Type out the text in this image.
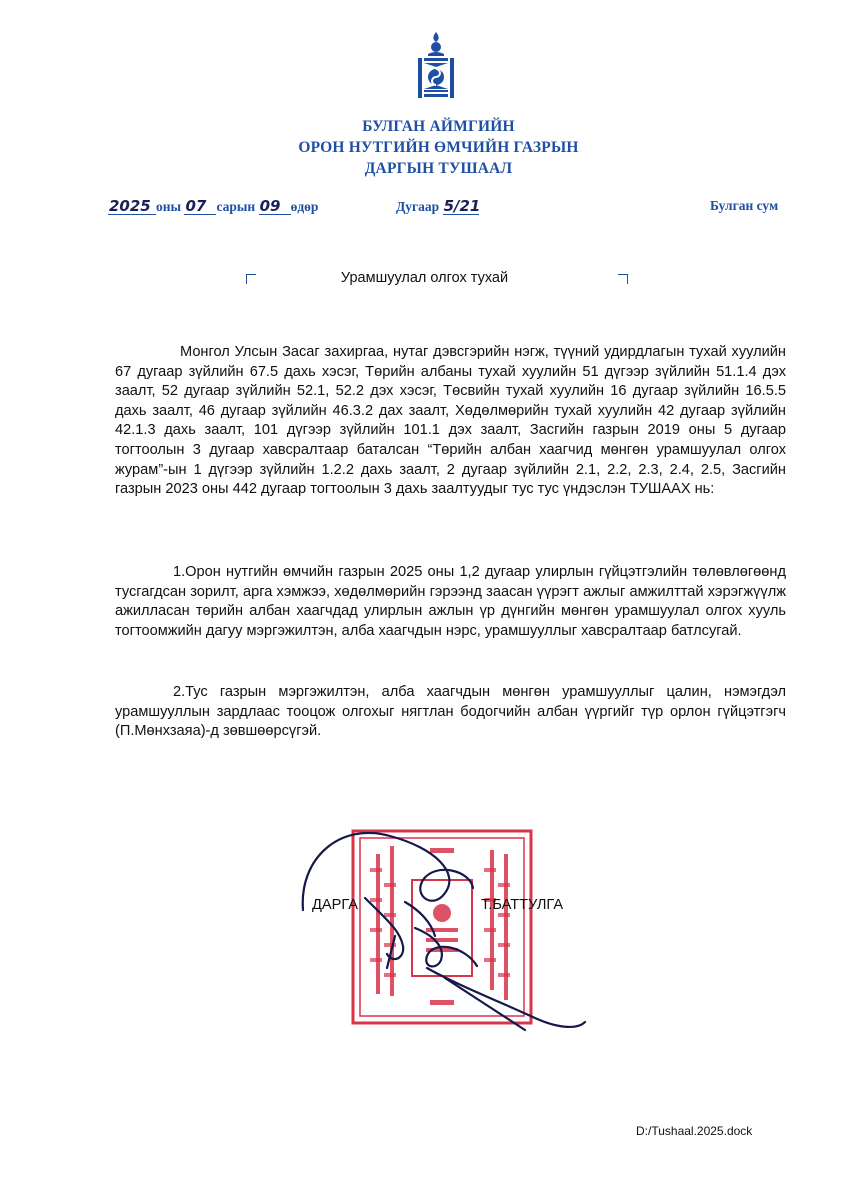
БУЛГАН АЙМГИЙН
ОРОН НУТГИЙН ӨМЧИЙН ГАЗРЫН
ДАРГЫН ТУШААЛ
2025 оны 07 сарын 09 өдөр	Дугаар 5/21	Булган сум
Урамшуулал олгох тухай
Монгол Улсын Засаг захиргаа, нутаг дэвсгэрийн нэгж, түүний удирдлагын тухай хуулийн 67 дугаар зүйлийн 67.5 дахь хэсэг, Төрийн албаны тухай хуулийн 51 дүгээр зүйлийн 51.1.4 дэх заалт, 52 дугаар зүйлийн 52.1, 52.2 дэх хэсэг, Төсвийн тухай хуулийн 16 дугаар зүйлийн 16.5.5 дахь заалт, 46 дугаар зүйлийн 46.3.2 дах заалт, Хөдөлмөрийн тухай хуулийн 42 дугаар зүйлийн 42.1.3 дахь заалт, 101 дүгээр зүйлийн 101.1 дэх заалт, Засгийн газрын 2019 оны 5 дугаар тогтоолын 3 дугаар хавсралтаар баталсан “Төрийн албан хаагчид мөнгөн урамшуулал олгох журам”-ын 1 дүгээр зүйлийн 1.2.2 дахь заалт, 2 дугаар зүйлийн 2.1, 2.2, 2.3, 2.4, 2.5, Засгийн газрын 2023 оны 442 дугаар тогтоолын 3 дахь заалтуудыг тус тус үндэслэн ТУШААХ нь:
1.Орон нутгийн өмчийн газрын 2025 оны 1,2 дугаар улирлын гүйцэтгэлийн төлөвлөгөөнд тусгагдсан зорилт, арга хэмжээ, хөдөлмөрийн гэрээнд заасан үүрэгт ажлыг амжилттай хэрэгжүүлж ажилласан төрийн албан хаагчдад улирлын ажлын үр дүнгийн мөнгөн урамшуулал олгох хууль тогтоомжийн дагуу мэргэжилтэн, алба хаагчдын нэрс, урамшууллыг хавсралтаар батлсугай.
2.Тус газрын мэргэжилтэн, алба хаагчдын мөнгөн урамшууллыг цалин, нэмэгдэл урамшууллын зардлаас тооцож олгохыг нягтлан бодогчийн албан үүргийг түр орлон гүйцэтгэгч (П.Мөнхзаяа)-д зөвшөөрсүгэй.
ДАРГА	Т.БАТТУЛГА
D:/Tushaal.2025.dock
